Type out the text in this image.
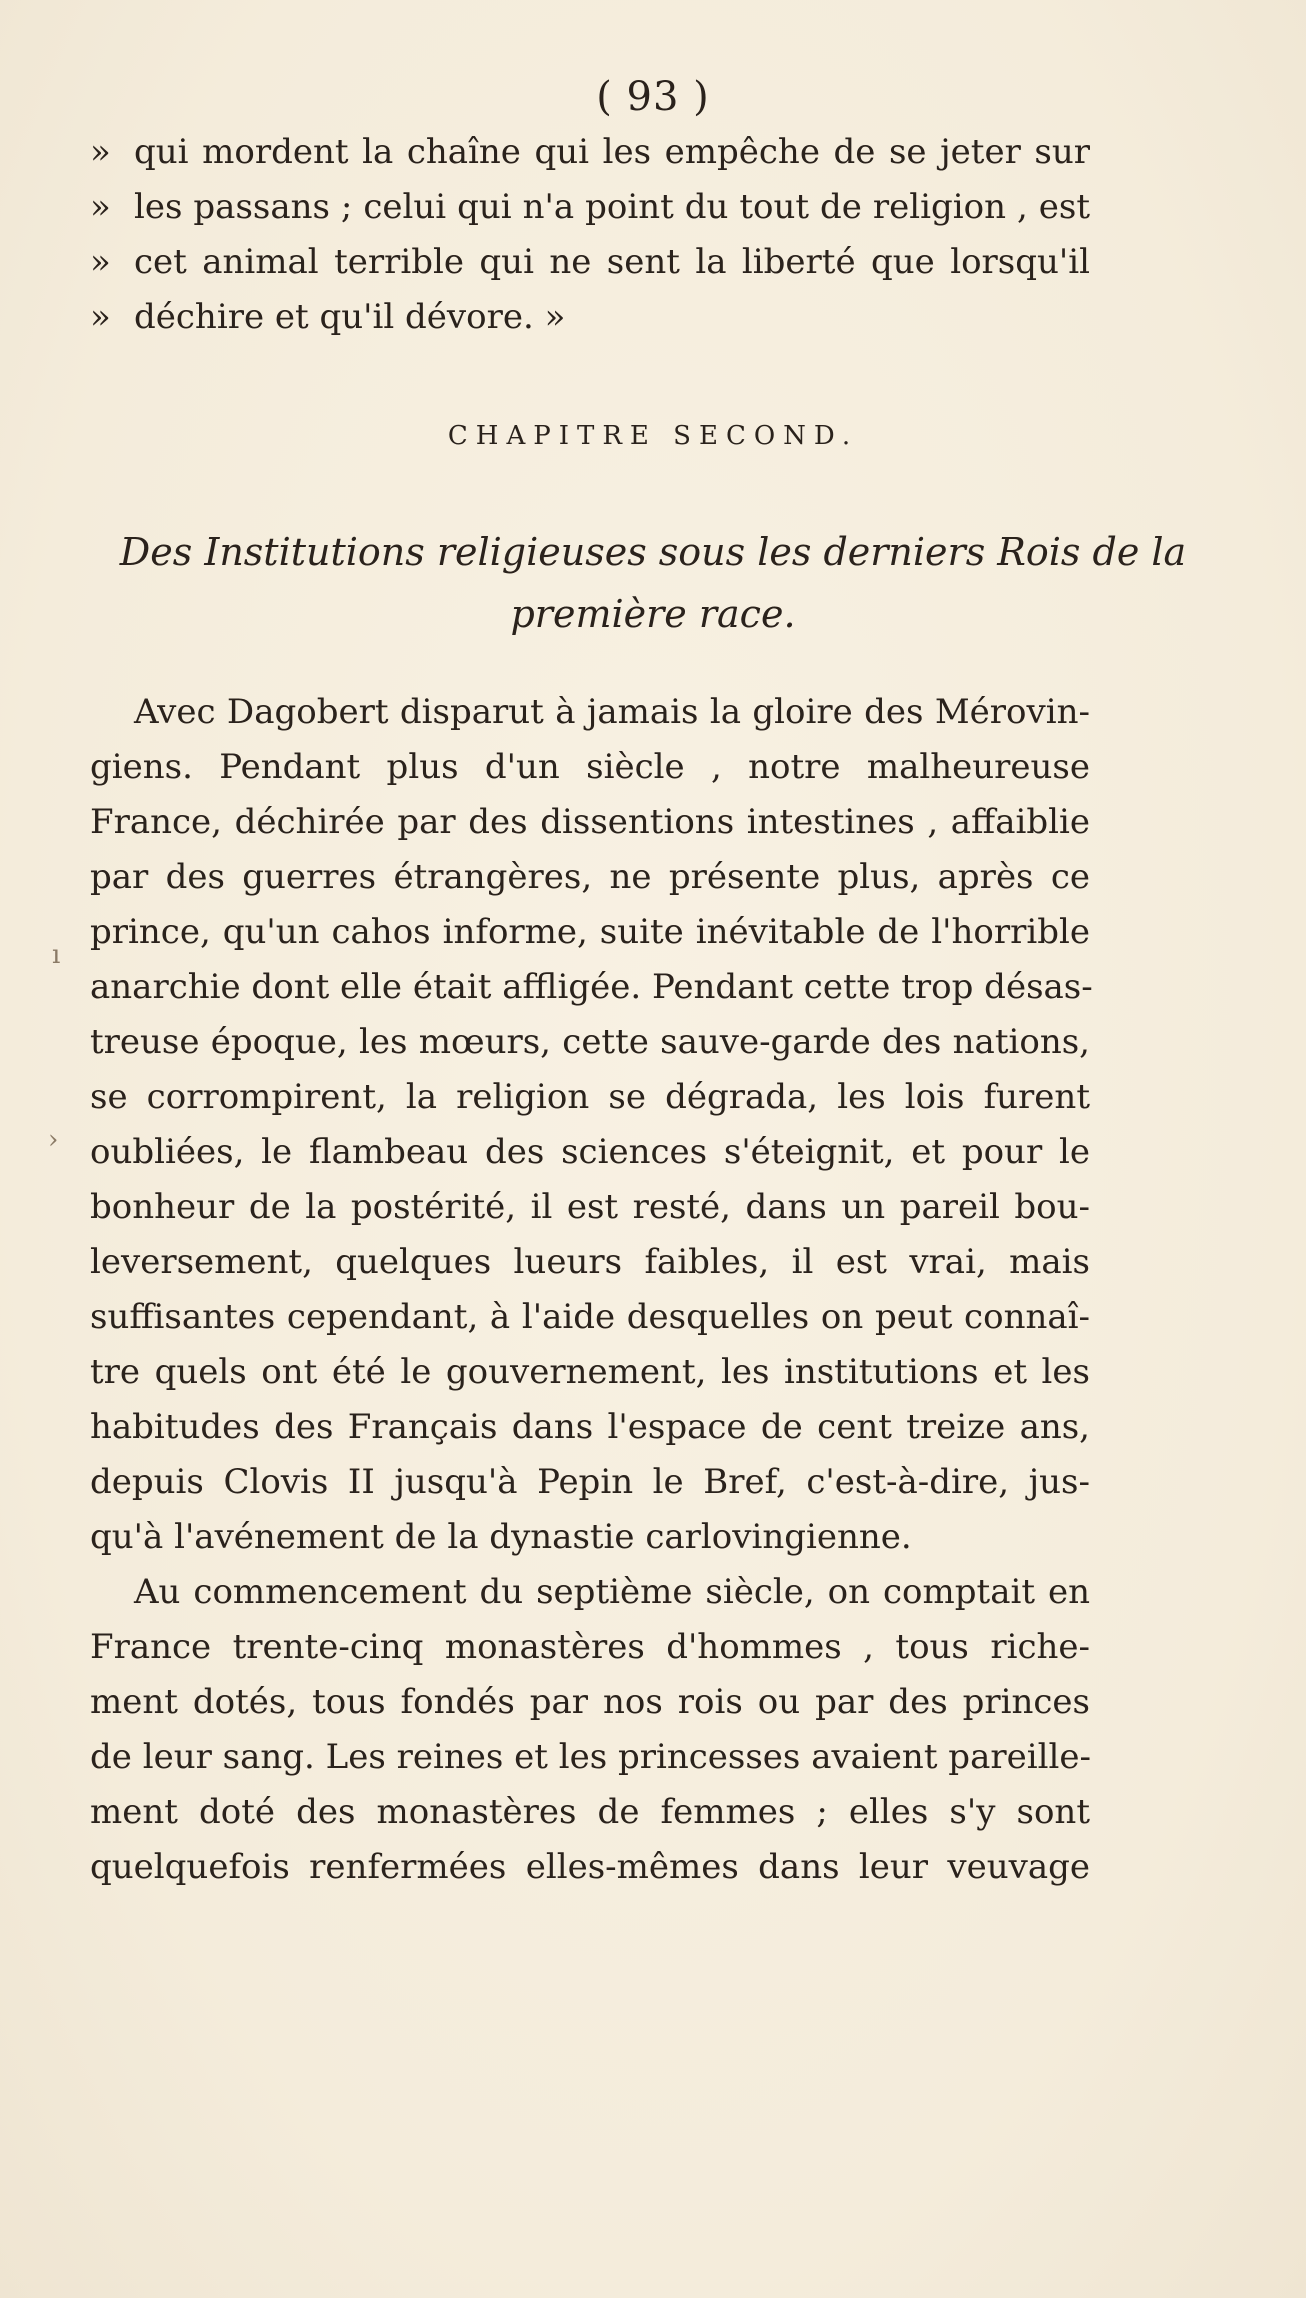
( 93 )
» qui mordent la chaîne qui les empêche de se jeter sur
» les passans ; celui qui n'a point du tout de religion , est
» cet animal terrible qui ne sent la liberté que lorsqu'il
» déchire et qu'il dévore. »
CHAPITRE SECOND.
Des Institutions religieuses sous les derniers Rois de la
première race.
Avec Dagobert disparut à jamais la gloire des Mérovin-
giens. Pendant plus d'un siècle , notre malheureuse
France, déchirée par des dissentions intestines , affaiblie
par des guerres étrangères, ne présente plus, après ce
prince, qu'un cahos informe, suite inévitable de l'horrible
anarchie dont elle était affligée. Pendant cette trop désas-
treuse époque, les mœurs, cette sauve-garde des nations,
se corrompirent, la religion se dégrada, les lois furent
oubliées, le flambeau des sciences s'éteignit, et pour le
bonheur de la postérité, il est resté, dans un pareil bou-
leversement, quelques lueurs faibles, il est vrai, mais
suffisantes cependant, à l'aide desquelles on peut connaî-
tre quels ont été le gouvernement, les institutions et les
habitudes des Français dans l'espace de cent treize ans,
depuis Clovis II jusqu'à Pepin le Bref, c'est-à-dire, jus-
qu'à l'avénement de la dynastie carlovingienne.
Au commencement du septième siècle, on comptait en
France trente-cinq monastères d'hommes , tous riche-
ment dotés, tous fondés par nos rois ou par des princes
de leur sang. Les reines et les princesses avaient pareille-
ment doté des monastères de femmes ; elles s'y sont
quelquefois renfermées elles-mêmes dans leur veuvage
›
ı
